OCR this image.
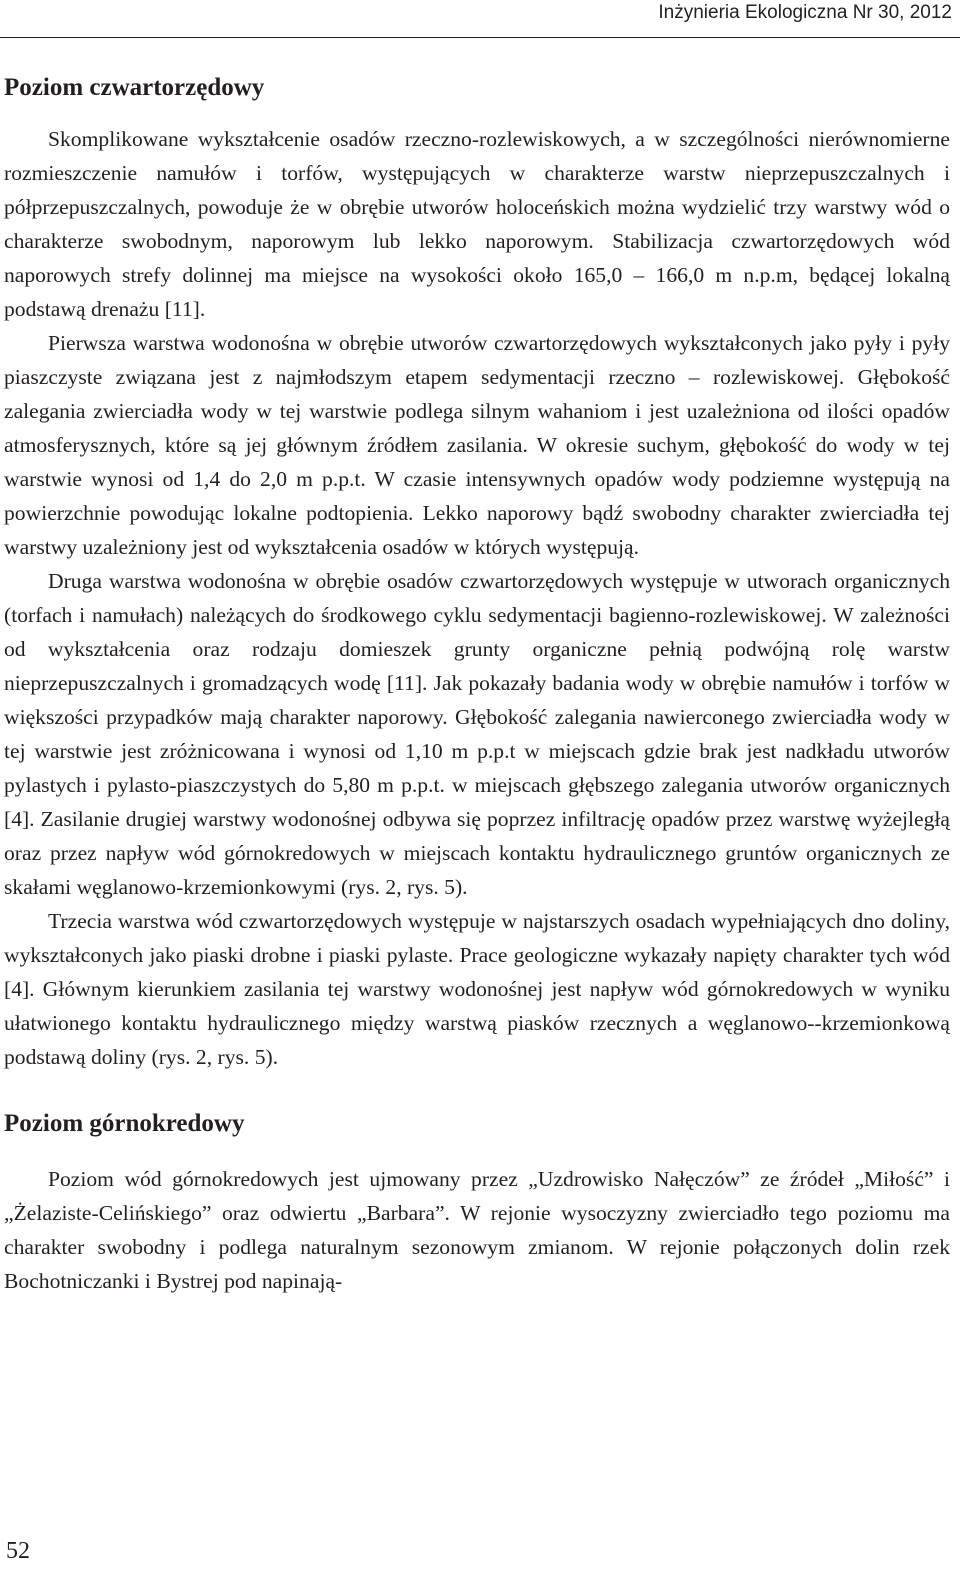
Inżynieria Ekologiczna Nr 30, 2012
Poziom czwartorzędowy

Skomplikowane wykształcenie osadów rzeczno-rozlewiskowych, a w szczególności nierównomierne rozmieszczenie namułów i torfów, występujących w charakterze warstw nieprzepuszczalnych i półprzepuszczalnych, powoduje że w obrębie utworów holoceńskich można wydzielić trzy warstwy wód o charakterze swobodnym, naporowym lub lekko naporowym. Stabilizacja czwartorzędowych wód naporowych strefy dolinnej ma miejsce na wysokości około 165,0 – 166,0 m n.p.m, będącej lokalną podstawą drenażu [11].

Pierwsza warstwa wodonośna w obrębie utworów czwartorzędowych wykształconych jako pyły i pyły piaszczyste związana jest z najmłodszym etapem sedymentacji rzeczno – rozlewiskowej. Głębokość zalegania zwierciadła wody w tej warstwie podlega silnym wahaniom i jest uzależniona od ilości opadów atmosferysznych, które są jej głównym źródłem zasilania. W okresie suchym, głębokość do wody w tej warstwie wynosi od 1,4 do 2,0 m p.p.t. W czasie intensywnych opadów wody podziemne występują na powierzchnie powodując lokalne podtopienia. Lekko naporowy bądź swobodny charakter zwierciadła tej warstwy uzależniony jest od wykształcenia osadów w których występują.

Druga warstwa wodonośna w obrębie osadów czwartorzędowych występuje w utworach organicznych (torfach i namułach) należących do środkowego cyklu sedymentacji bagienno-rozlewiskowej. W zależności od wykształcenia oraz rodzaju domieszek grunty organiczne pełnią podwójną rolę warstw nieprzepuszczalnych i gromadzących wodę [11]. Jak pokazały badania wody w obrębie namułów i torfów w większości przypadków mają charakter naporowy. Głębokość zalegania nawierconego zwierciadła wody w tej warstwie jest zróżnicowana i wynosi od 1,10 m p.p.t w miejscach gdzie brak jest nadkładu utworów pylastych i pylasto-piaszczystych do 5,80 m p.p.t. w miejscach głębszego zalegania utworów organicznych [4]. Zasilanie drugiej warstwy wodonośnej odbywa się poprzez infiltrację opadów przez warstwę wyżejległą oraz przez napływ wód górnokredowych w miejscach kontaktu hydraulicznego gruntów organicznych ze skałami węglanowo-krzemionkowymi (rys. 2, rys. 5).

Trzecia warstwa wód czwartorzędowych występuje w najstarszych osadach wypełniających dno doliny, wykształconych jako piaski drobne i piaski pylaste. Prace geologiczne wykazały napięty charakter tych wód [4]. Głównym kierunkiem zasilania tej warstwy wodonośnej jest napływ wód górnokredowych w wyniku ułatwionego kontaktu hydraulicznego między warstwą piasków rzecznych a węglanowo--krzemionkową podstawą doliny (rys. 2, rys. 5).

Poziom górnokredowy

Poziom wód górnokredowych jest ujmowany przez „Uzdrowisko Nałęczów” ze źródeł „Miłość” i „Żelaziste-Celińskiego” oraz odwiertu „Barbara”. W rejonie wysoczyzny zwierciadło tego poziomu ma charakter swobodny i podlega naturalnym sezonowym zmianom. W rejonie połączonych dolin rzek Bochotniczanki i Bystrej pod napinają-

52
